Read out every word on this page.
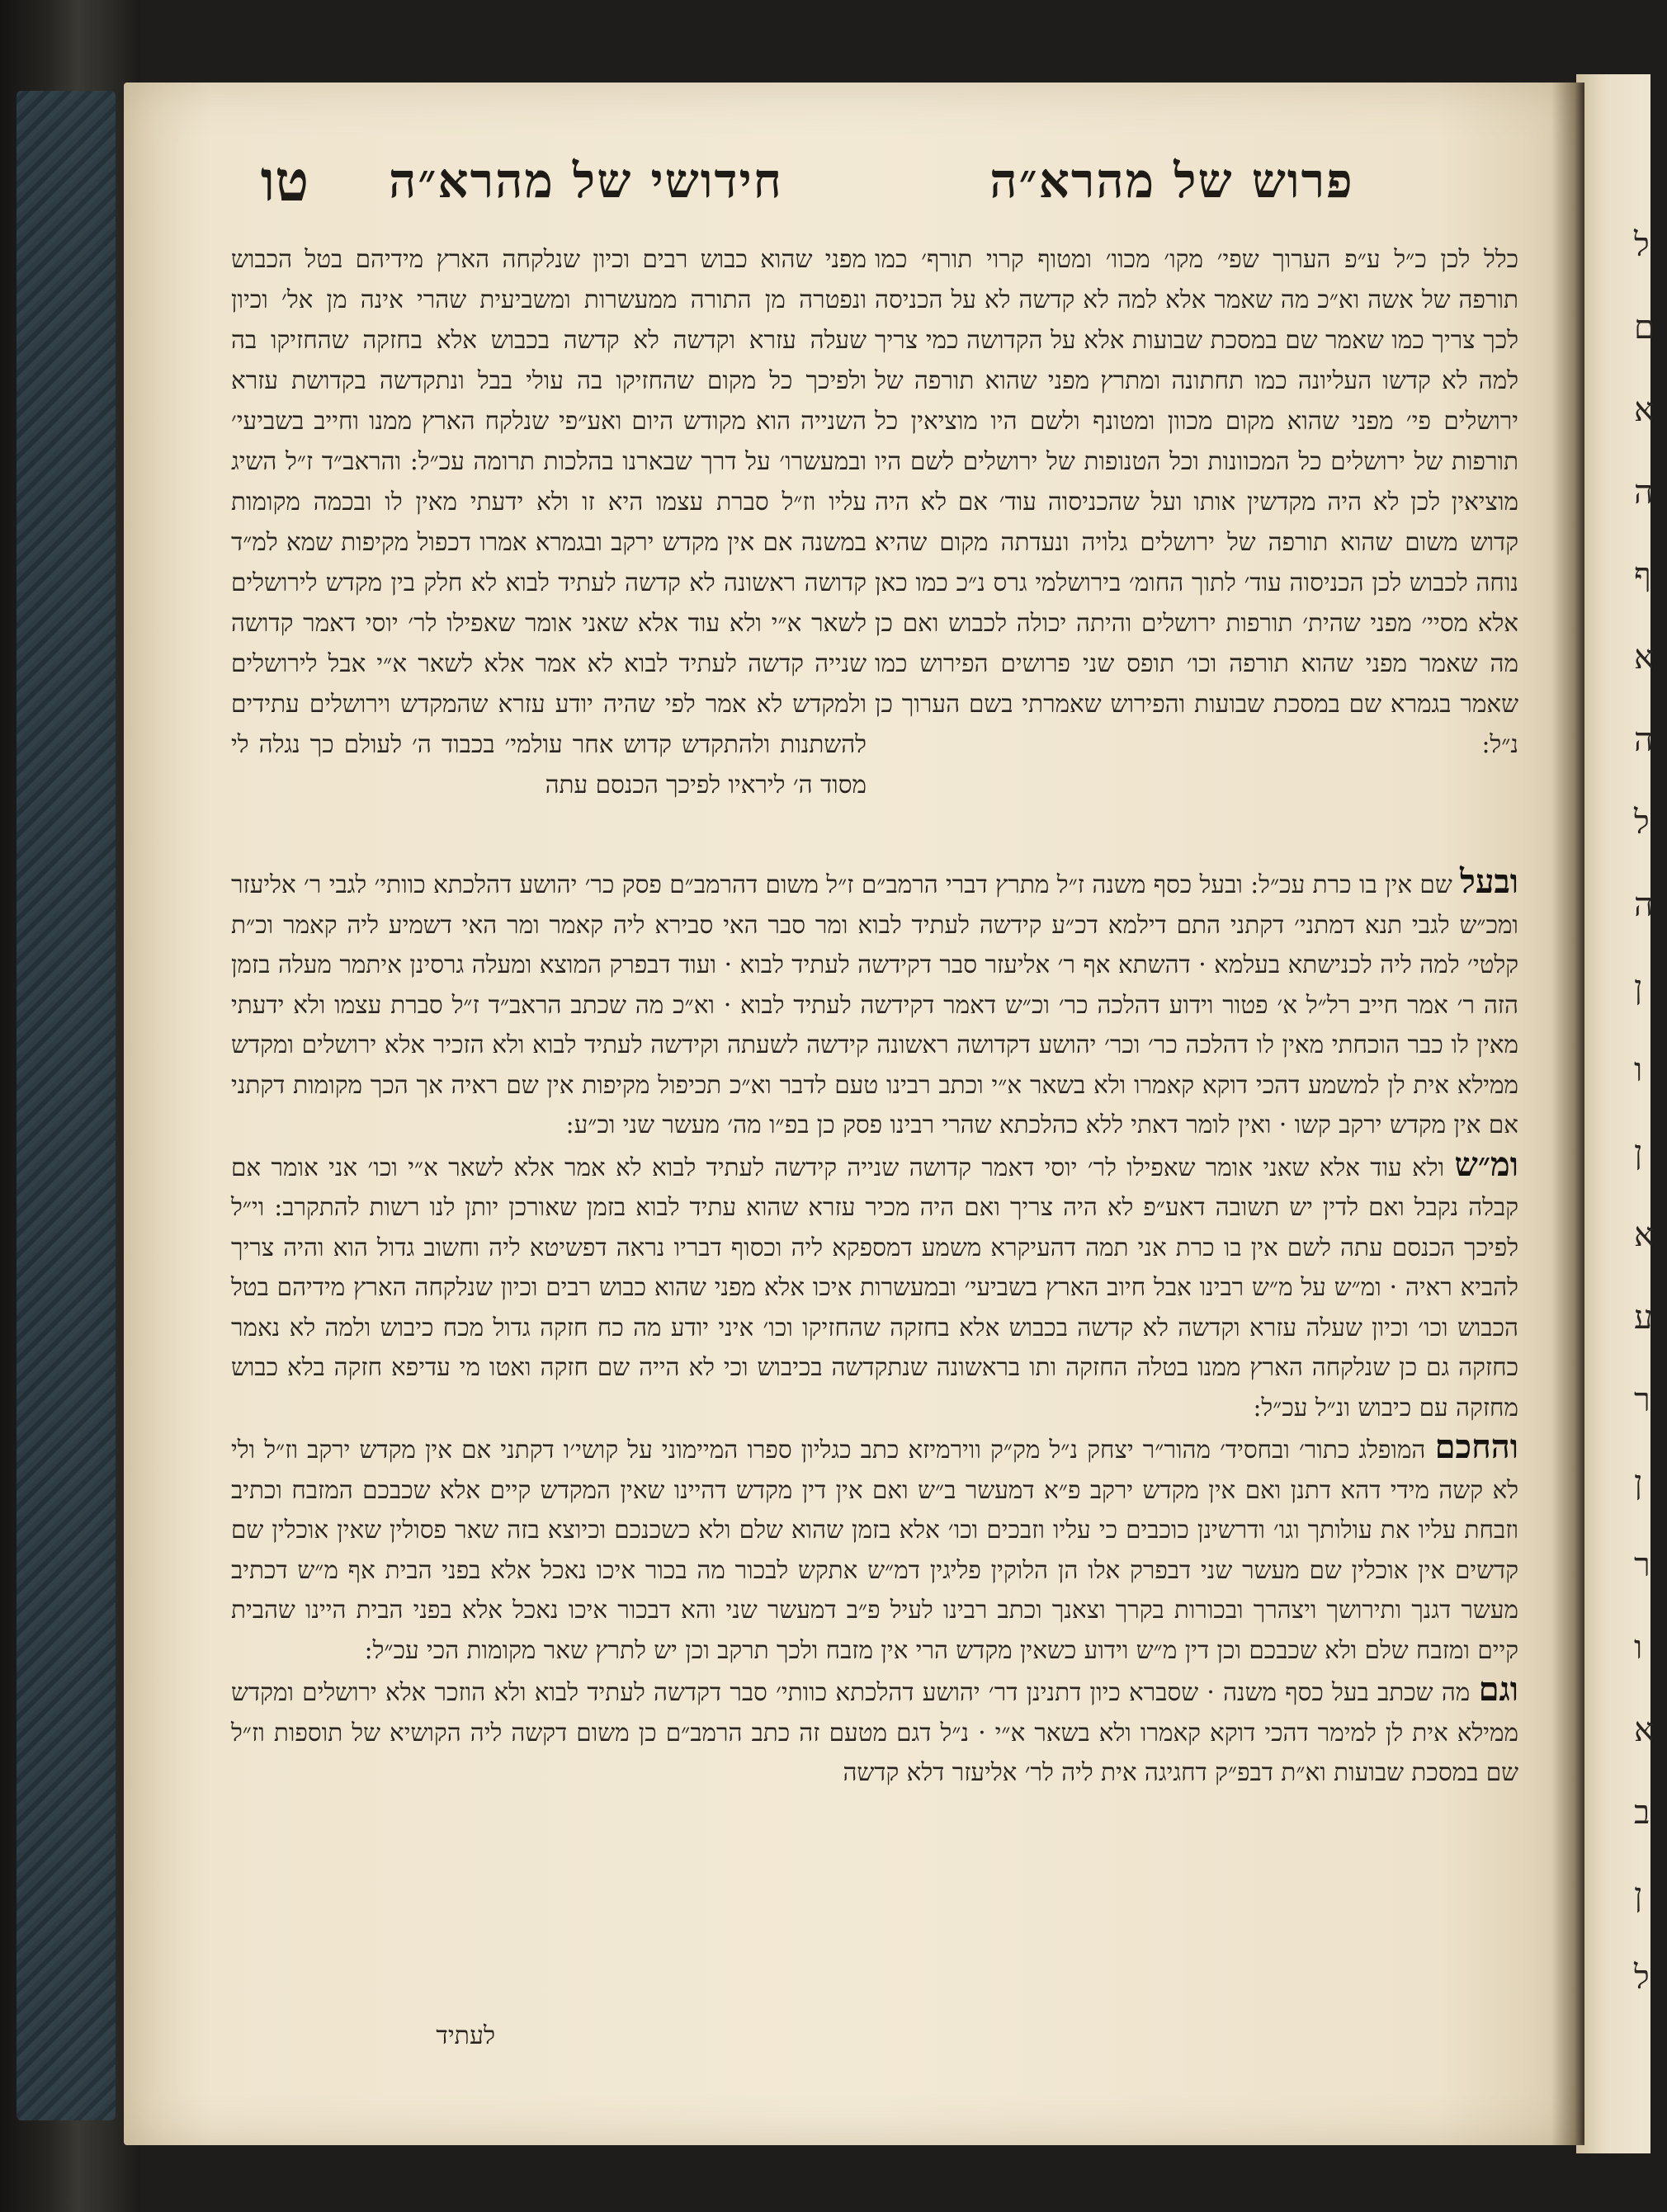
ל
ם
א
ה
ף
א
ה
ל
ה
ן
ו
ן
א
ע
ר
ן
ר
ו
א
ב
ן
ל
טו	חידושי של מהרא״ה	פרוש של מהרא״ה
כלל לכן כ״ל ע״פ הערוך שפי׳ מקו׳ מכוו׳ ומטוף קרוי תורף׳ כמו תורפה של אשה וא״כ מה שאמר אלא למה לא קדשה לא על הכניסה לכך צריך כמו שאמר שם במסכת שבועות אלא על הקדושה כמי צריך למה לא קדשו העליונה כמו תחתונה ומתרץ מפני שהוא תורפה של ירושלים פי׳ מפני שהוא מקום מכוון ומטונף ולשם היו מוציאין כל תורפות של ירושלים כל המכוונות וכל הטנופות של ירושלים לשם היו מוציאין לכן לא היה מקדשין אותו ועל שהכניסוה עוד׳ אם לא היה קדוש משום שהוא תורפה של ירושלים גלויה ונעדתה מקום שהיא נוחה לכבוש לכן הכניסוה עוד׳ לתוך החומ׳ בירושלמי גרס נ״כ כמו כאן אלא מסיי׳ מפני שהית׳ תורפות ירושלים והיתה יכולה לכבוש ואם כן מה שאמר מפני שהוא תורפה וכו׳ תופס שני פרושים הפירוש כמו שאמר בגמרא שם במסכת שבועות והפירוש שאמרתי בשם הערוך כן נ״ל:
מפני שהוא כבוש רבים וכיון שנלקחה הארץ מידיהם בטל הכבוש ונפטרה מן התורה ממעשרות ומשביעית שהרי אינה מן אל׳ וכיון שעלה עזרא וקדשה לא קדשה בכבוש אלא בחזקה שהחזיקו בה ולפיכך כל מקום שהחזיקו בה עולי בבל ונתקדשה בקדושת עזרא השנייה הוא מקודש היום ואע״פי שנלקח הארץ ממנו וחייב בשביעי׳ ובמעשרו׳ על דרך שבארנו בהלכות תרומה עכ״ל: והראב״ד ז״ל השיג עליו וז״ל סברת עצמו היא זו ולא ידעתי מאין לו ובכמה מקומות במשנה אם אין מקדש ירקב ובגמרא אמרו דכפול מקיפות שמא למ״ד קדושה ראשונה לא קדשה לעתיד לבוא לא חלק בין מקדש לירושלים לשאר א״י ולא עוד אלא שאני אומר שאפילו לר׳ יוסי דאמר קדושה שנייה קדשה לעתיד לבוא לא אמר אלא לשאר א״י אבל לירושלים ולמקדש לא אמר לפי שהיה יודע עזרא שהמקדש וירושלים עתידים להשתנות ולהתקדש קדוש אחר עולמי׳ בכבוד ה׳ לעולם כך נגלה לי מסוד ה׳ ליראיו לפיכך הכנסם עתה

ובעל שם אין בו כרת עכ״ל: ובעל כסף משנה ז״ל מתרץ דברי הרמב״ם ז״ל משום דהרמב״ם פסק כר׳ יהושע דהלכתא כוותי׳ לגבי ר׳ אליעזר ומכ״ש לגבי תנא דמתני׳ דקתני התם דילמא דכ״ע קידשה לעתיד לבוא ומר סבר האי סבירא ליה קאמר ומר האי דשמיע ליה קאמר וכ״ת קלטי׳ למה ליה לכנישתא בעלמא · דהשתא אף ר׳ אליעזר סבר דקידשה לעתיד לבוא · ועוד דבפרק המוצא ומעלה גרסינן איתמר מעלה בזמן הזה ר׳ אמר חייב רל״ל א׳ פטור וידוע דהלכה כר׳ וכ״ש דאמר דקידשה לעתיד לבוא · וא״כ מה שכתב הראב״ד ז״ל סברת עצמו ולא ידעתי מאין לו כבר הוכחתי מאין לו דהלכה כר׳ וכר׳ יהושע דקדושה ראשונה קידשה לשעתה וקידשה לעתיד לבוא ולא הזכיר אלא ירושלים ומקדש ממילא אית לן למשמע דהכי דוקא קאמרו ולא בשאר א״י וכתב רבינו טעם לדבר וא״כ תכיפול מקיפות אין שם ראיה אך הכך מקומות דקתני אם אין מקדש ירקב קשו · ואין לומר דאתי ללא כהלכתא שהרי רבינו פסק כן בפ״ו מה׳ מעשר שני וכ״ע:

ומ״ש ולא עוד אלא שאני אומר שאפילו לר׳ יוסי דאמר קדושה שנייה קידשה לעתיד לבוא לא אמר אלא לשאר א״י וכו׳ אני אומר אם קבלה נקבל ואם לדין יש תשובה דאע״פ לא היה צריך ואם היה מכיר עזרא שהוא עתיד לבוא בזמן שאורכן יותן לנו רשות להתקרב: וי״ל לפיכך הכנסם עתה לשם אין בו כרת אני תמה דהעיקרא משמע דמספקא ליה וכסוף דבריו נראה דפשיטא ליה וחשוב גדול הוא והיה צריך להביא ראיה · ומ״ש על מ״ש רבינו אבל חיוב הארץ בשביעי׳ ובמעשרות איכו אלא מפני שהוא כבוש רבים וכיון שנלקחה הארץ מידיהם בטל הכבוש וכו׳ וכיון שעלה עזרא וקדשה לא קדשה בכבוש אלא בחזקה שהחזיקו וכו׳ איני יודע מה כח חזקה גדול מכח כיבוש ולמה לא נאמר כחזקה גם כן שנלקחה הארץ ממנו בטלה החזקה ותו בראשונה שנתקדשה בכיבוש וכי לא הייה שם חזקה ואטו מי עדיפא חזקה בלא כבוש מחזקה עם כיבוש ונ״ל עכ״ל:

והחכם המופלג כתור׳ ובחסיד׳ מהור״ר יצחק נ״ל מק״ק ווירמיזא כתב כגליון ספרו המיימוני על קושי׳ו דקתני אם אין מקדש ירקב וז״ל ולי לא קשה מידי דהא דתנן ואם אין מקדש ירקב פ״א דמעשר ב״ש ואם אין דין מקדש דהיינו שאין המקדש קיים אלא שכבכם המזבח וכתיב וזבחת עליו את עולותך וגו׳ ודרשינן כוכבים כי עליו וזבכים וכו׳ אלא בזמן שהוא שלם ולא כשכנכם וכיוצא בזה שאר פסולין שאין אוכלין שם קדשים אין אוכלין שם מעשר שני דבפרק אלו הן הלוקין פליגין דמ״ש אתקש לבכור מה בכור איכו נאכל אלא בפני הבית אף מ״ש דכתיב מעשר דגנך ותירושך ויצהרך ובכורות בקרך וצאנך וכתב רבינו לעיל פ״ב דמעשר שני והא דבכור איכו נאכל אלא בפני הבית היינו שהבית קיים ומזבח שלם ולא שכבכם וכן דין מ״ש וידוע כשאין מקדש הרי אין מזבח ולכך תרקב וכן יש לתרץ שאר מקומות הכי עכ״ל:

וגם מה שכתב בעל כסף משנה · שסברא כיון דתנינן דר׳ יהושע דהלכתא כוותי׳ סבר דקדשה לעתיד לבוא ולא הוזכר אלא ירושלים ומקדש ממילא אית לן למימר דהכי דוקא קאמרו ולא בשאר א״י · נ״ל דגם מטעם זה כתב הרמב״ם כן משום דקשה ליה הקושיא של תוספות וז״ל שם במסכת שבועות וא״ת דבפ״ק דחגיגה אית ליה לר׳ אליעזר דלא קדשה

לעתיד
